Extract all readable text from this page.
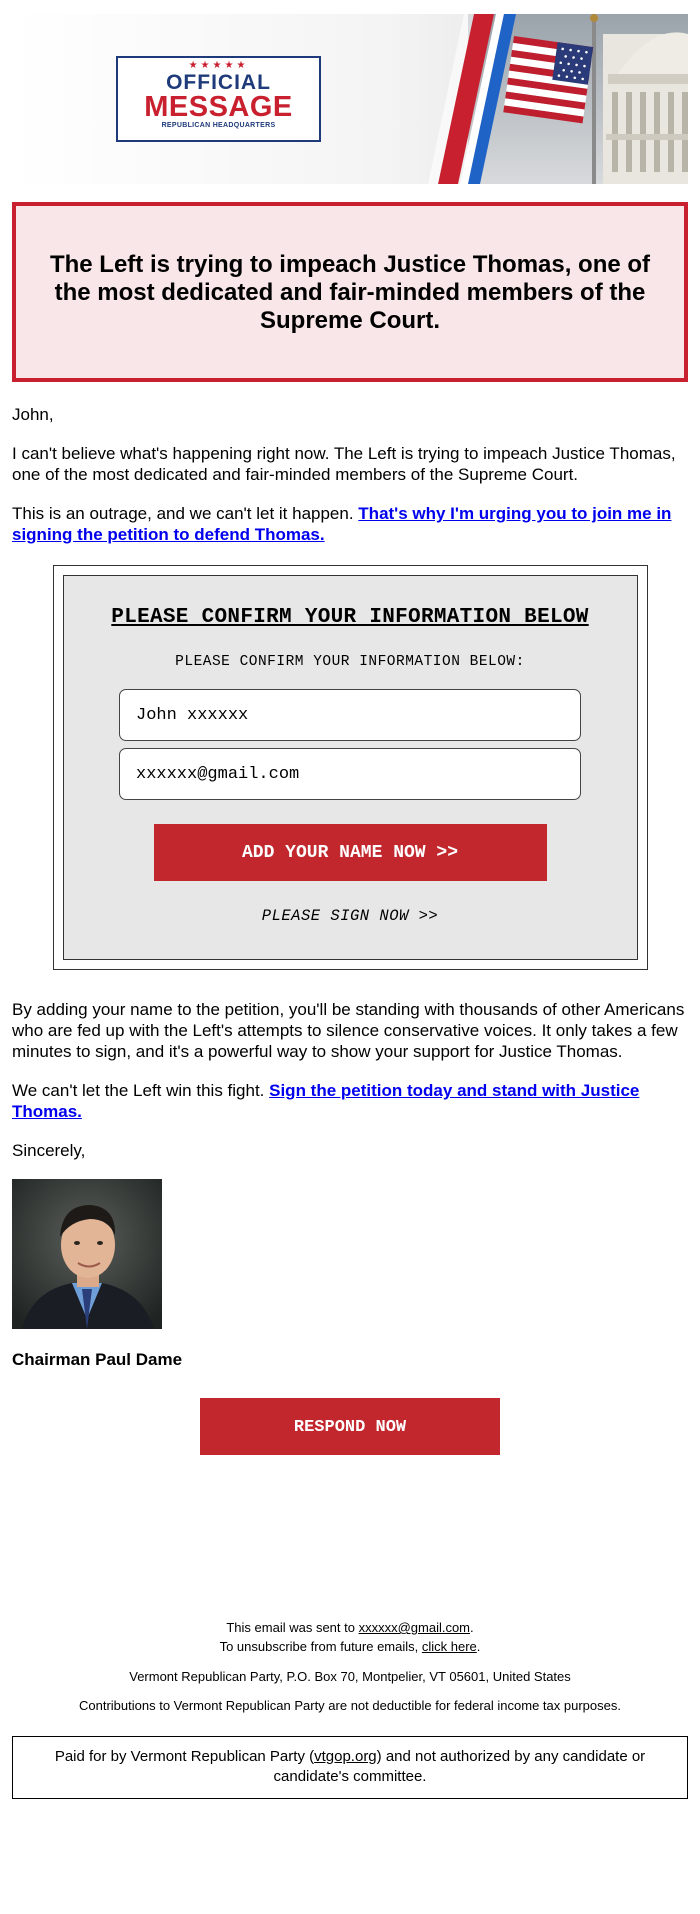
★★★★★
OFFICIAL
MESSAGE
REPUBLICAN HEADQUARTERS
The Left is trying to impeach Justice Thomas, one of the most dedicated and fair-minded members of the Supreme Court.

John,

I can't believe what's happening right now. The Left is trying to impeach Justice Thomas, one of the most dedicated and fair-minded members of the Supreme Court.

This is an outrage, and we can't let it happen. That's why I'm urging you to join me in signing the petition to defend Thomas.

PLEASE CONFIRM YOUR INFORMATION BELOW
PLEASE CONFIRM YOUR INFORMATION BELOW:
John xxxxxx
xxxxxx@gmail.com
ADD YOUR NAME NOW >>
PLEASE SIGN NOW >>

By adding your name to the petition, you'll be standing with thousands of other Americans who are fed up with the Left's attempts to silence conservative voices. It only takes a few minutes to sign, and it's a powerful way to show your support for Justice Thomas.

We can't let the Left win this fight. Sign the petition today and stand with Justice Thomas.

Sincerely,

Chairman Paul Dame
RESPOND NOW
This email was sent to xxxxxx@gmail.com.
To unsubscribe from future emails, click here.
Vermont Republican Party, P.O. Box 70, Montpelier, VT 05601, United States
Contributions to Vermont Republican Party are not deductible for federal income tax purposes.
Paid for by Vermont Republican Party (vtgop.org) and not authorized by any candidate or candidate's committee.
